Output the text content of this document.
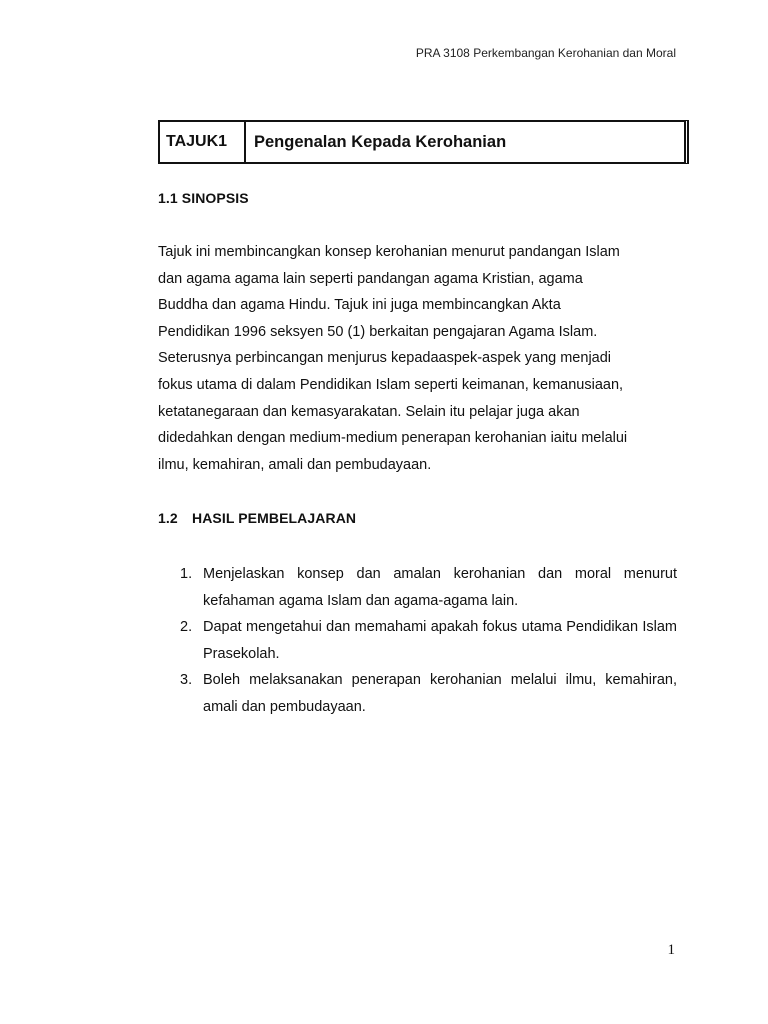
PRA 3108 Perkembangan Kerohanian dan Moral

TAJUK1	Pengenalan Kepada Kerohanian
1.1 SINOPSIS

Tajuk ini membincangkan konsep kerohanian menurut pandangan Islam
dan agama agama lain seperti pandangan agama Kristian, agama
Buddha dan agama Hindu. Tajuk ini juga membincangkan Akta
Pendidikan 1996 seksyen 50 (1) berkaitan pengajaran Agama Islam.
Seterusnya perbincangan menjurus kepadaaspek-aspek yang menjadi
fokus utama di dalam Pendidikan Islam seperti keimanan, kemanusiaan,
ketatanegaraan dan kemasyarakatan. Selain itu pelajar juga akan
didedahkan dengan medium-medium penerapan kerohanian iaitu melalui
ilmu, kemahiran, amali dan pembudayaan.

1.2 HASIL PEMBELAJARAN
1. Menjelaskan konsep dan amalan kerohanian dan moral menurut kefahaman agama Islam dan agama-agama lain.
2. Dapat mengetahui dan memahami apakah fokus utama Pendidikan Islam Prasekolah.
3. Boleh melaksanakan penerapan kerohanian melalui ilmu, kemahiran, amali dan pembudayaan.

1
